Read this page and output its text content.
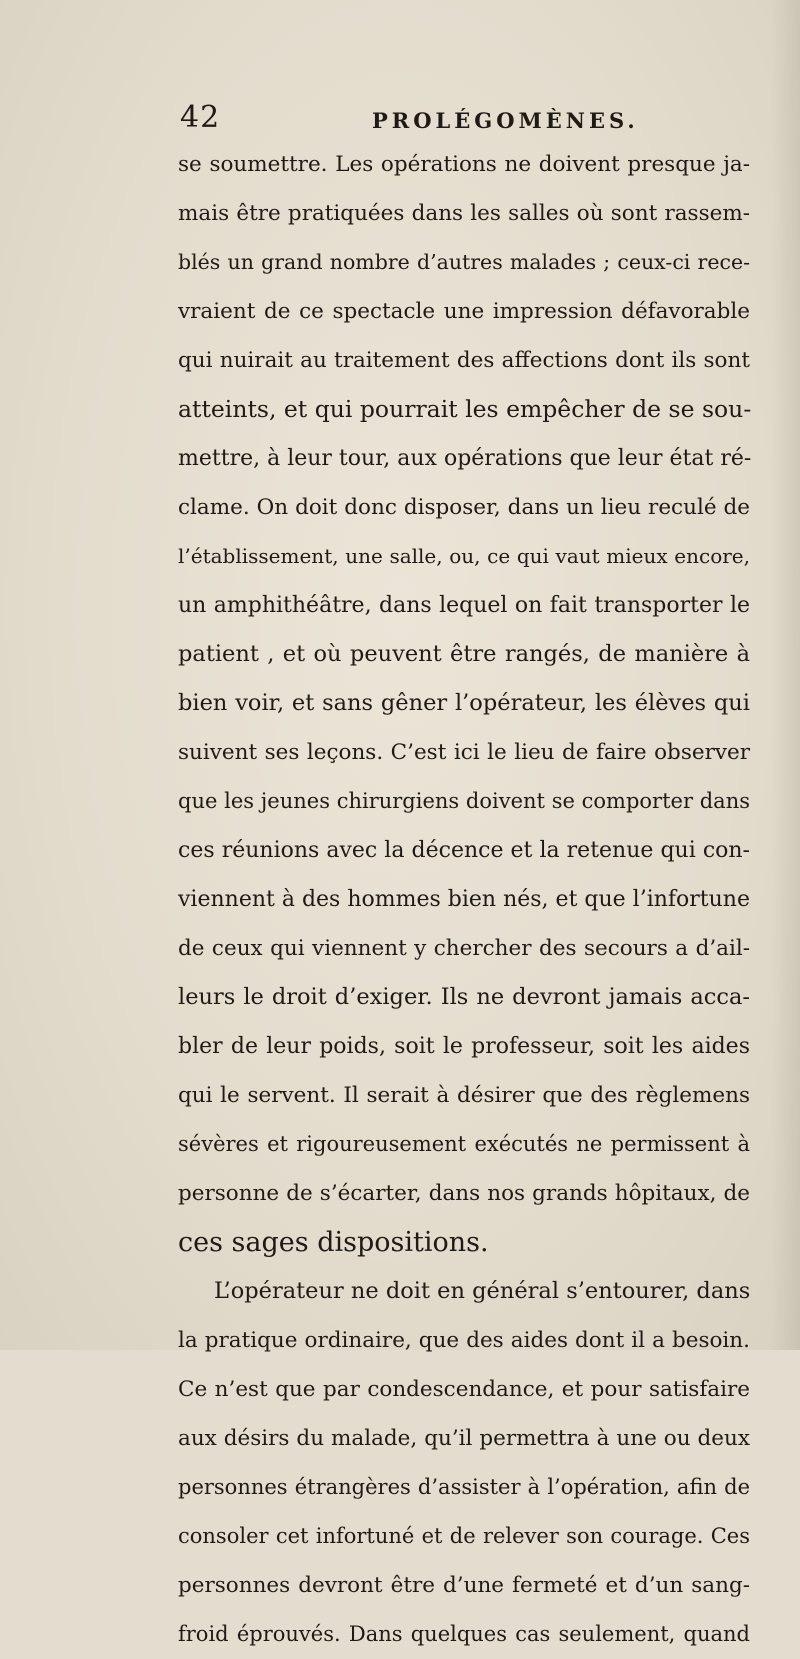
42	PROLÉGOMÈNES.
se soumettre. Les opérations ne doivent presque ja-
mais être pratiquées dans les salles où sont rassem-
blés un grand nombre d’autres malades ; ceux-ci rece-
vraient de ce spectacle une impression défavorable
qui nuirait au traitement des affections dont ils sont
atteints, et qui pourrait les empêcher de se sou-
mettre, à leur tour, aux opérations que leur état ré-
clame. On doit donc disposer, dans un lieu reculé de
l’établissement, une salle, ou, ce qui vaut mieux encore,
un amphithéâtre, dans lequel on fait transporter le
patient , et où peuvent être rangés, de manière à
bien voir, et sans gêner l’opérateur, les élèves qui
suivent ses leçons. C’est ici le lieu de faire observer
que les jeunes chirurgiens doivent se comporter dans
ces réunions avec la décence et la retenue qui con-
viennent à des hommes bien nés, et que l’infortune
de ceux qui viennent y chercher des secours a d’ail-
leurs le droit d’exiger. Ils ne devront jamais acca-
bler de leur poids, soit le professeur, soit les aides
qui le servent. Il serait à désirer que des règlemens
sévères et rigoureusement exécutés ne permissent à
personne de s’écarter, dans nos grands hôpitaux, de
ces sages dispositions.
L’opérateur ne doit en général s’entourer, dans
la pratique ordinaire, que des aides dont il a besoin.
Ce n’est que par condescendance, et pour satisfaire
aux désirs du malade, qu’il permettra à une ou deux
personnes étrangères d’assister à l’opération, afin de
consoler cet infortuné et de relever son courage. Ces
personnes devront être d’une fermeté et d’un sang-
froid éprouvés. Dans quelques cas seulement, quand
